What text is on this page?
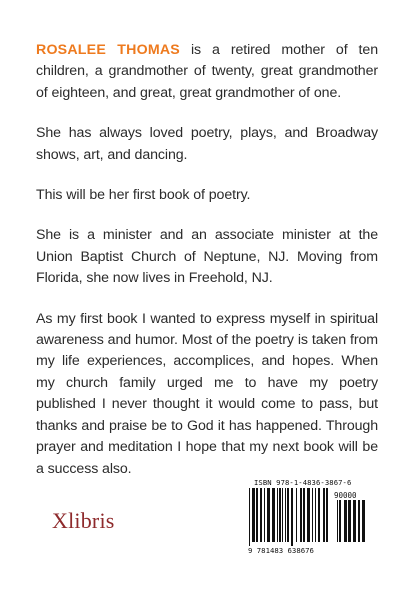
ROSALEE THOMAS is a retired mother of ten children, a grandmother of twenty, great grandmother of eighteen, and great, great grandmother of one.

She has always loved poetry, plays, and Broadway shows, art, and dancing.

This will be her first book of poetry.

She is a minister and an associate minister at the Union Baptist Church of Neptune, NJ. Moving from Florida, she now lives in Freehold, NJ.

As my first book I wanted to express myself in spiritual awareness and humor. Most of the poetry is taken from my life experiences, accomplices, and hopes. When my church family urged me to have my poetry published I never thought it would come to pass, but thanks and praise be to God it has happened. Through prayer and meditation I hope that my next book will be a success also.

Xlibris
ISBN 978-1-4836-3867-6
90000
9 781483 638676
